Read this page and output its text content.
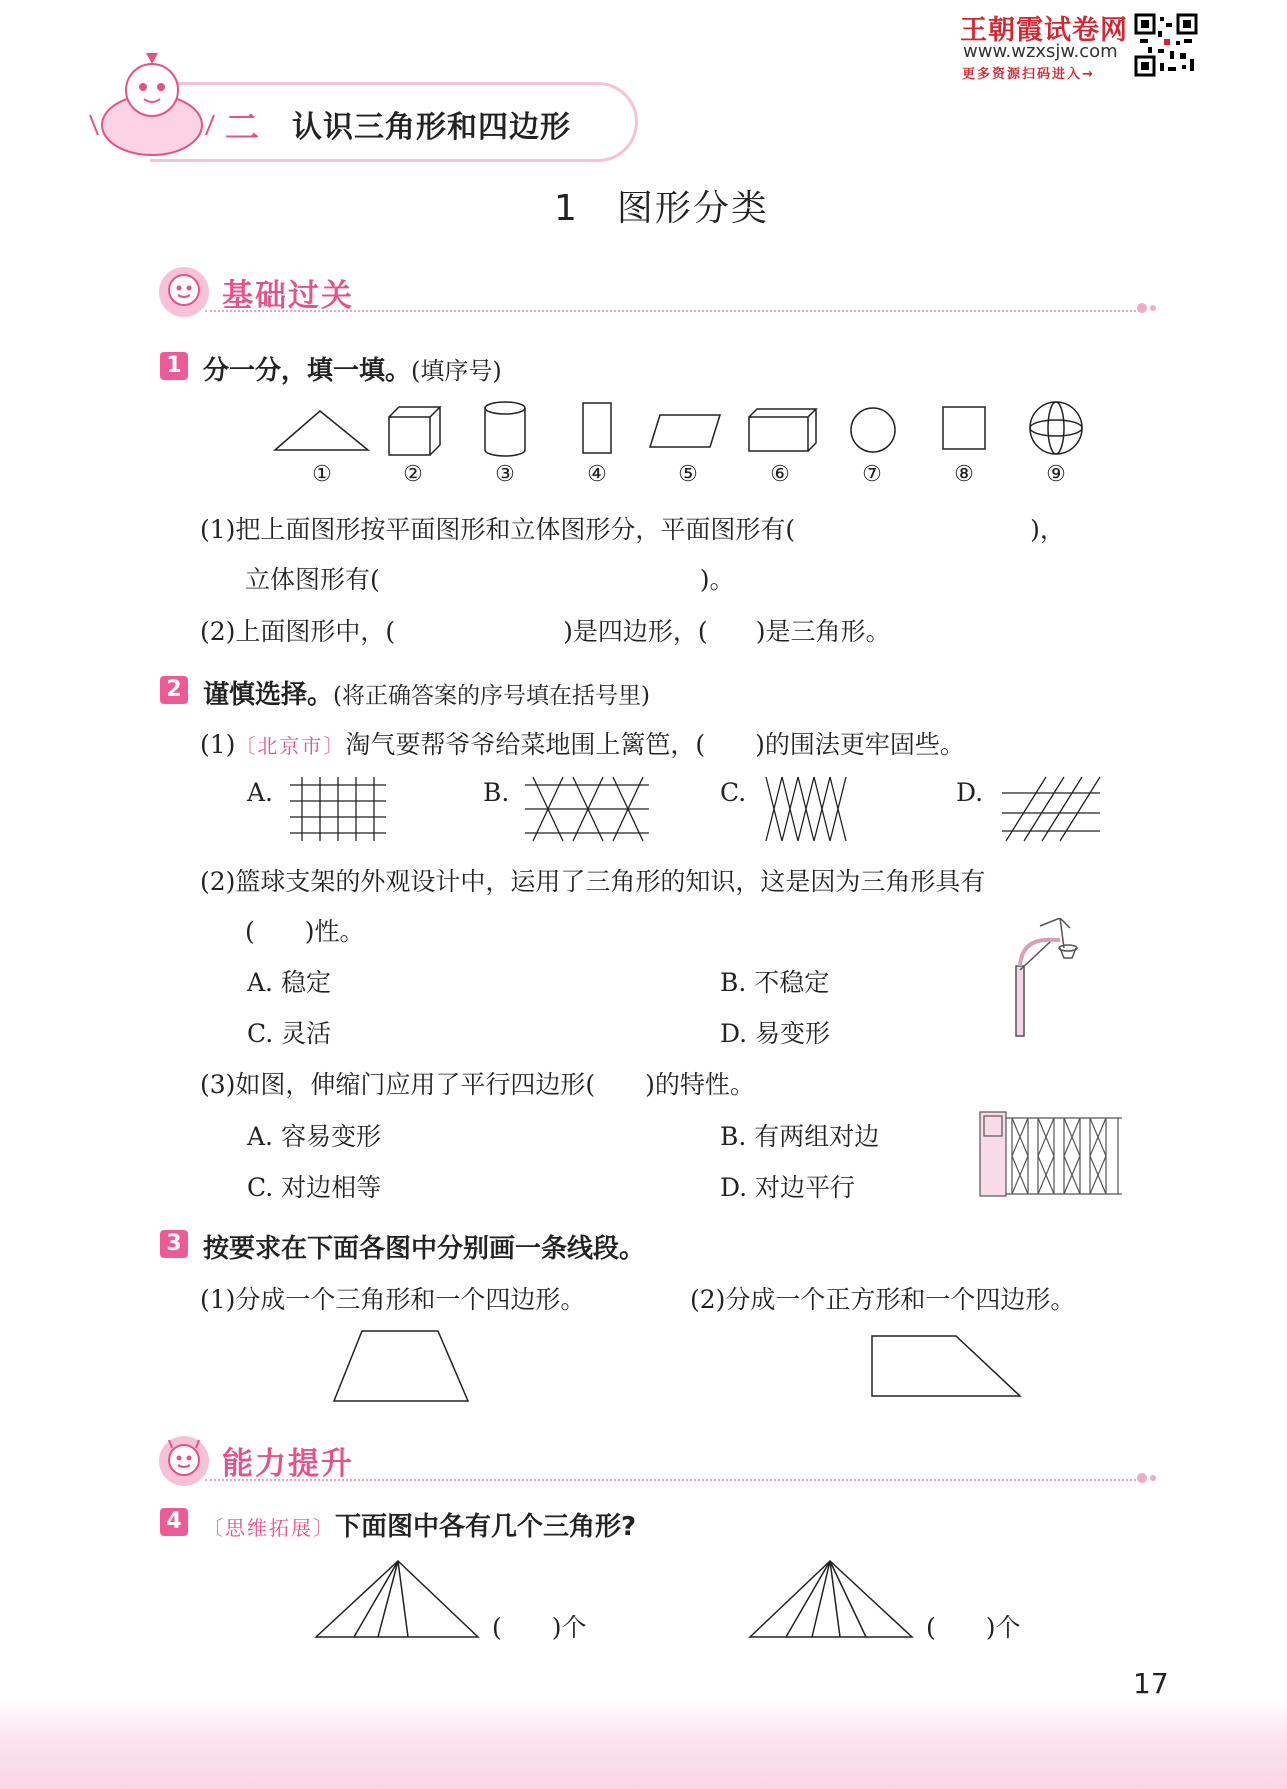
二 认识三角形和四边形
王朝霞试卷网
www.wzxsjw.com
更多资源扫码进入→
1　图形分类
基础过关
1 分一分，填一填。(填序号)
①	②	③	④	⑤	⑥	⑦	⑧	⑨
(1)把上面图形按平面图形和立体图形分，平面图形有(	)，
立体图形有(	)。
(2)上面图形中，(	)是四边形，( )是三角形。
2 谨慎选择。(将正确答案的序号填在括号里)
(1)〔北京市〕淘气要帮爷爷给菜地围上篱笆，(　　)的围法更牢固些。
A.	B.	C.	D.
(2)篮球支架的外观设计中，运用了三角形的知识，这是因为三角形具有
(　　)性。
A. 稳定	B. 不稳定
C. 灵活	D. 易变形
(3)如图，伸缩门应用了平行四边形(　　)的特性。
A. 容易变形	B. 有两组对边
C. 对边相等	D. 对边平行
3 按要求在下面各图中分别画一条线段。
(1)分成一个三角形和一个四边形。	(2)分成一个正方形和一个四边形。
能力提升
4	〔思维拓展〕下面图中各有几个三角形?
(　　)个	(　　)个
17
